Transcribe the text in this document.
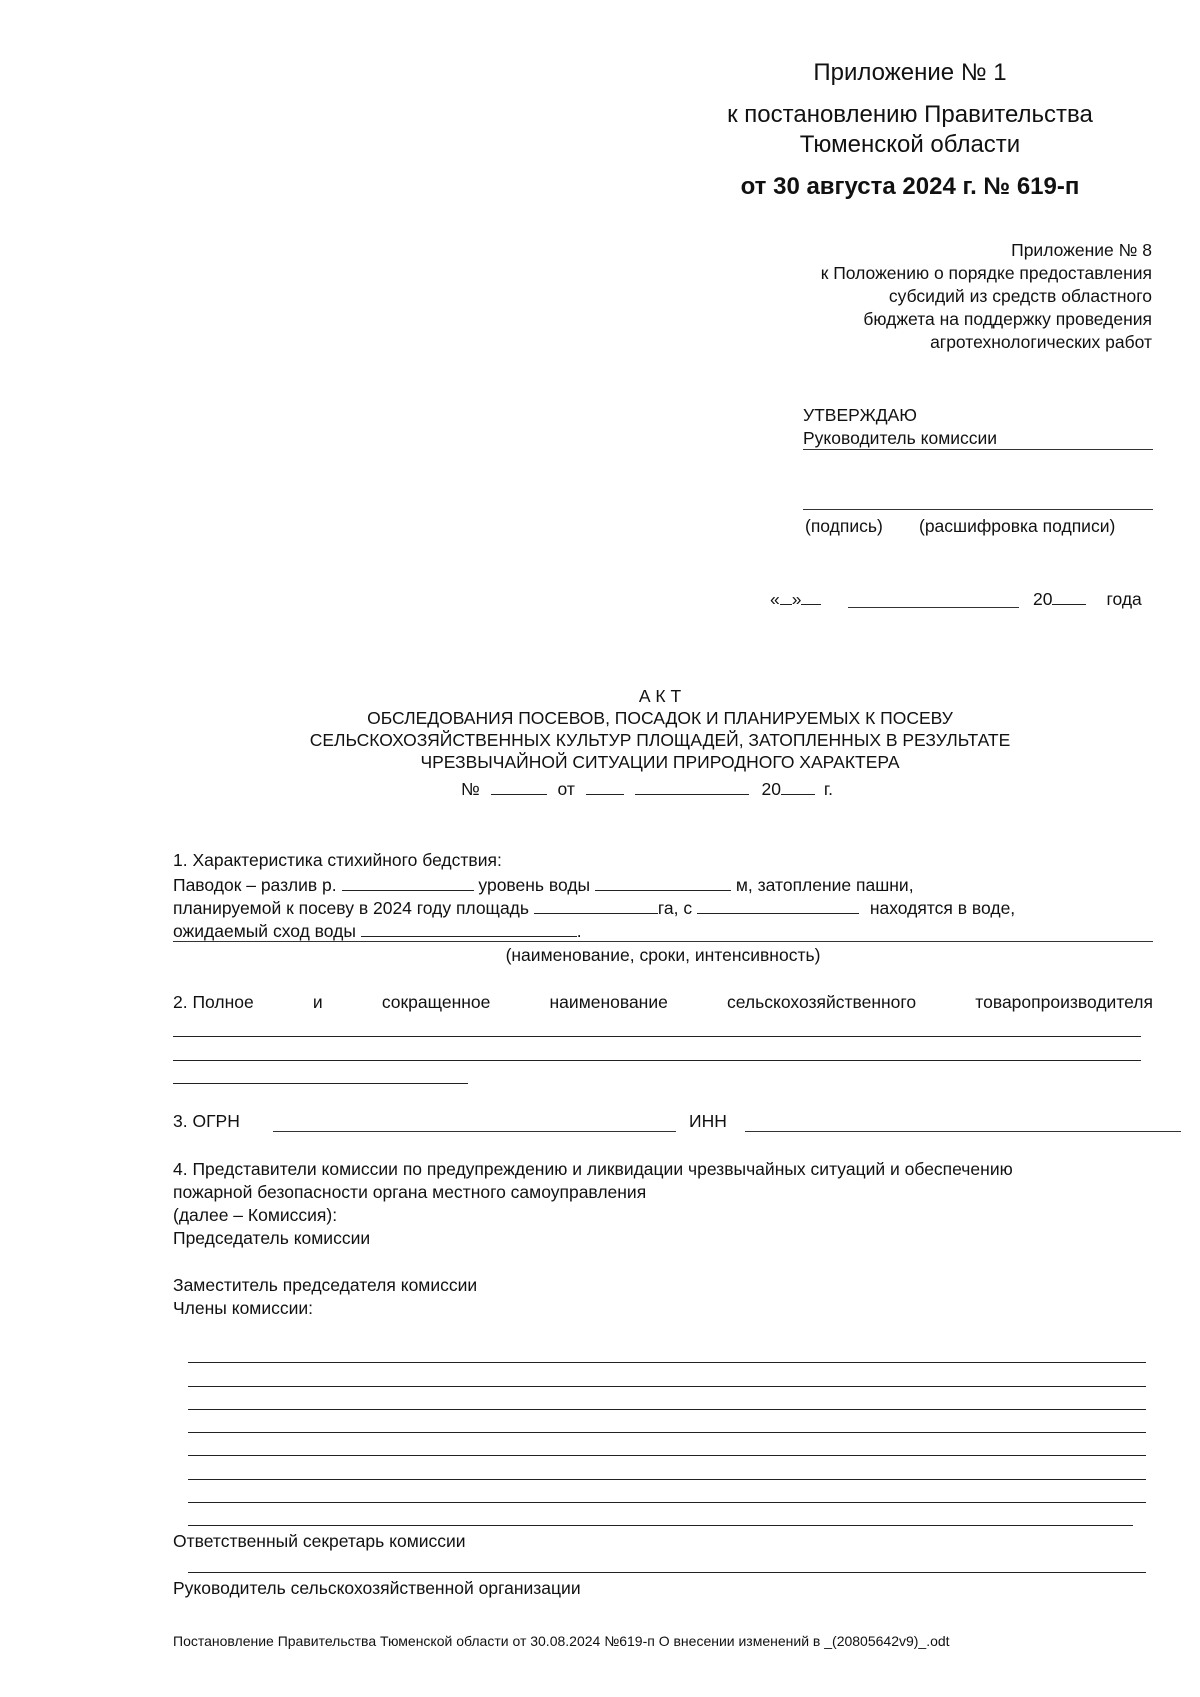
Приложение № 1
к постановлению Правительства
Тюменской области
от 30 августа 2024 г. № 619-п
Приложение № 8
к Положению о порядке предоставления
субсидий из средств областного
бюджета на поддержку проведения
агротехнологических работ
УТВЕРЖДАЮ
Руководитель комиссии
(подпись) (расшифровка подписи)
« »	20	года
А К Т
ОБСЛЕДОВАНИЯ ПОСЕВОВ, ПОСАДОК И ПЛАНИРУЕМЫХ К ПОСЕВУ
СЕЛЬСКОХОЗЯЙСТВЕННЫХ КУЛЬТУР ПЛОЩАДЕЙ, ЗАТОПЛЕННЫХ В РЕЗУЛЬТАТЕ
ЧРЕЗВЫЧАЙНОЙ СИТУАЦИИ ПРИРОДНОГО ХАРАКТЕРА
№	от	20 г.
1. Характеристика стихийного бедствия:
Паводок – разлив р.	уровень воды	м, затопление пашни,
планируемой к посеву в 2024 году площадь	га, с	находятся в воде,
ожидаемый сход воды	.
(наименование, сроки, интенсивность)
2. Полное	и	сокращенное	наименование	сельскохозяйственного	товаропроизводителя
3. ОГРН	ИНН
4. Представители комиссии по предупреждению и ликвидации чрезвычайных ситуаций и обеспечению
пожарной безопасности органа местного самоуправления
(далее – Комиссия):
Председатель комиссии
Заместитель председателя комиссии
Члены комиссии:
Ответственный секретарь комиссии
Руководитель сельскохозяйственной организации
Постановление Правительства Тюменской области от 30.08.2024 №619-п О внесении изменений в _(20805642v9)_.odt
